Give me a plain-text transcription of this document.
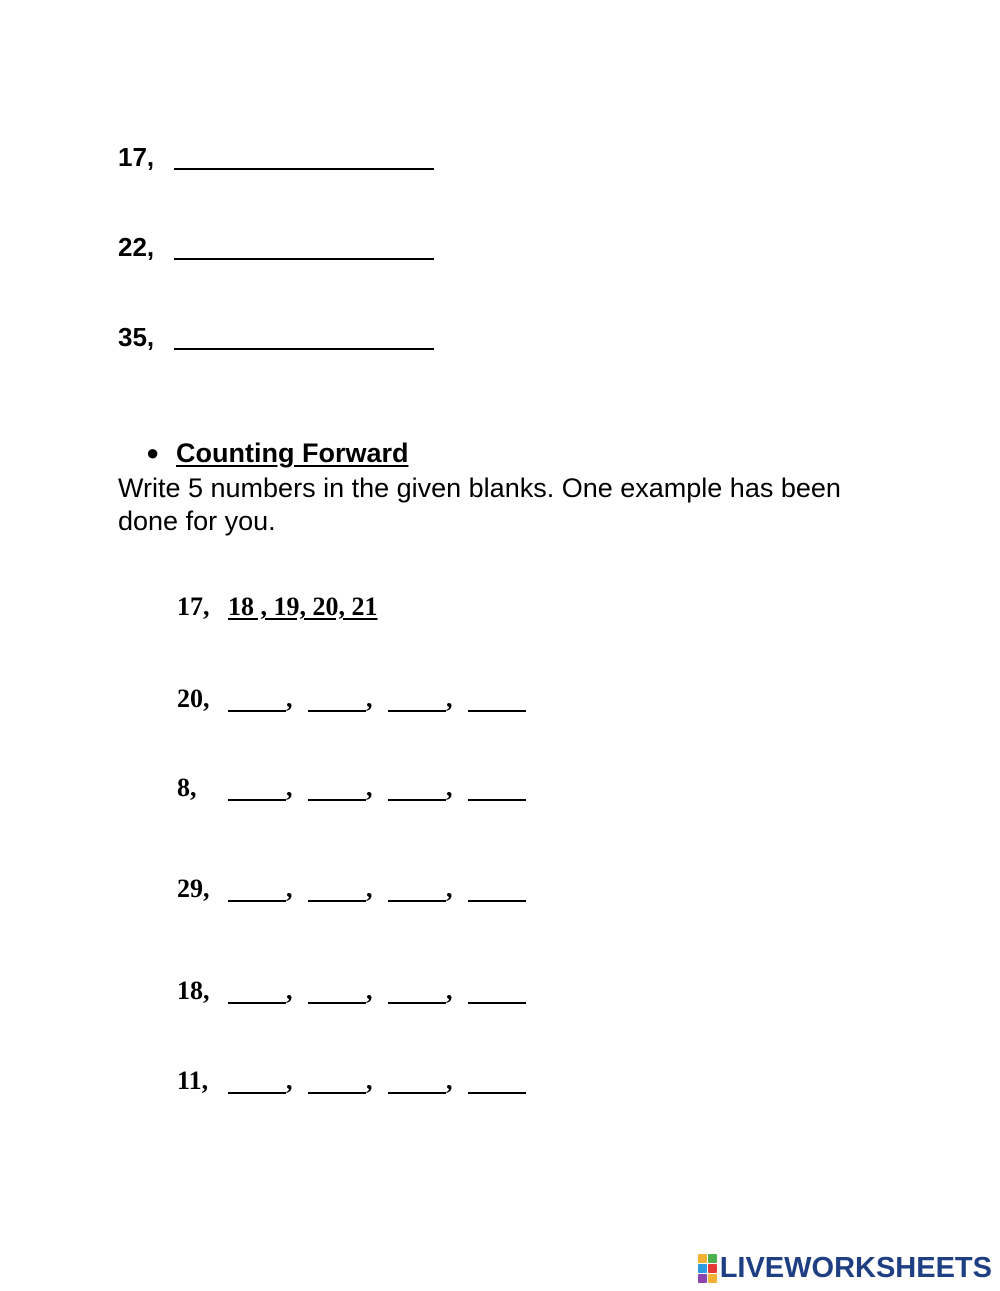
17,
22,
35,
● Counting Forward
Write 5 numbers in the given blanks. One example has been done for you.
17, 18 , 19, 20, 21
20,	,	,	,
8,	,	,	,
29,	,	,	,
18,	,	,	,
11,	,	,	,
LIVEWORKSHEETS
